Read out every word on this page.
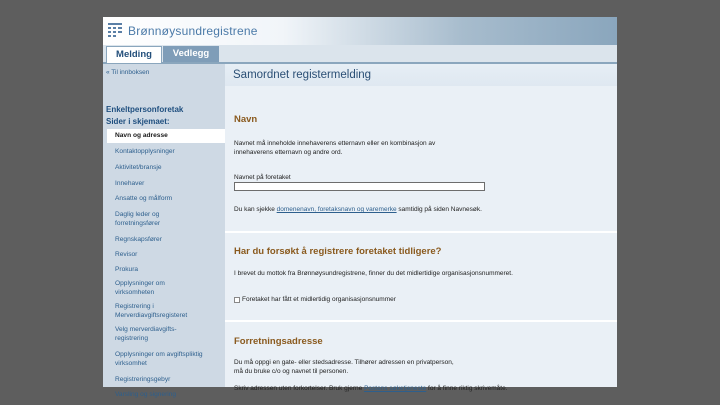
Brønnøysundregistrene
Melding	Vedlegg
« Til innboksen
Enkeltpersonforetak
Sider i skjemaet:
Navn og adresse
Kontaktopplysninger
Aktivitet/bransje
Innehaver
Ansatte og målform
Daglig leder og
forretningsfører
Regnskapsfører
Revisor
Prokura
Opplysninger om
virksomheten
Registrering i
Merverdiavgiftsregisteret
Velg merverdiavgifts-
registrering
Opplysninger om avgiftspliktig
virksomhet
Registreringsgebyr
Varsling og signering
Samordnet registermelding
Navn
Navnet må inneholde innehaverens etternavn eller en kombinasjon av
innehaverens etternavn og andre ord.
Navnet på foretaket
Du kan sjekke domenenavn, foretaksnavn og varemerke samtidig på siden Navnesøk.
Har du forsøkt å registrere foretaket tidligere?
I brevet du mottok fra Brønnøysundregistrene, finner du det midlertidige organisasjonsnummeret.
Foretaket har fått et midlertidig organisasjonsnummer
Forretningsadresse
Du må oppgi en gate- eller stedsadresse. Tilhører adressen en privatperson,
må du bruke c/o og navnet til personen.
Skriv adressen uten forkortelser. Bruk gjerne Postens søketjeneste for å finne riktig skrivemåte.
